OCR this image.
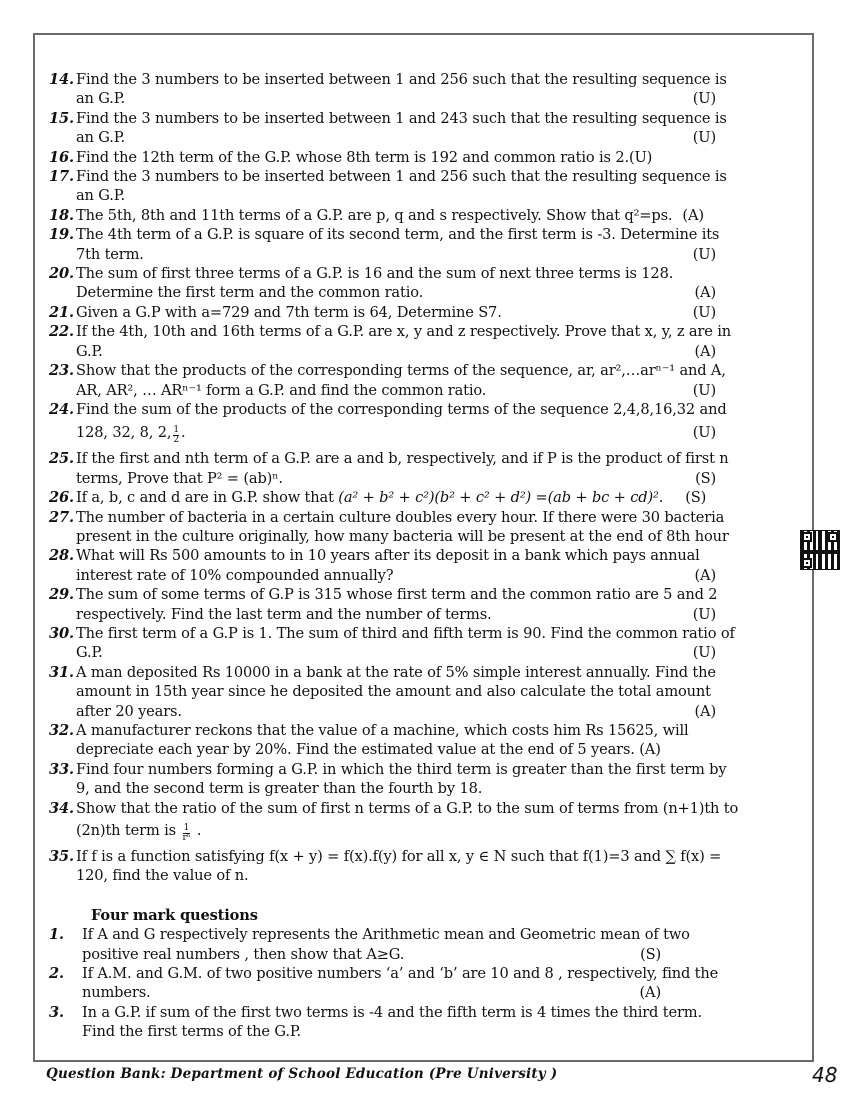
14. Find the 3 numbers to be inserted between 1 and 256 such that the resulting sequence is
an G.P.	(U)
15. Find the 3 numbers to be inserted between 1 and 243 such that the resulting sequence is
an G.P.	(U)
16. Find the 12th term of the G.P. whose 8th term is 192 and common ratio is 2.(U)
17. Find the 3 numbers to be inserted between 1 and 256 such that the resulting sequence is
an G.P.
18. The 5th, 8th and 11th terms of a G.P. are p, q and s respectively. Show that q²=ps. (A)
19. The 4th term of a G.P. is square of its second term, and the first term is -3. Determine its
7th term.	(U)
20. The sum of first three terms of a G.P. is 16 and the sum of next three terms is 128.
Determine the first term and the common ratio.	(A)
21. Given a G.P with a=729 and 7th term is 64, Determine S7.	(U)
22. If the 4th, 10th and 16th terms of a G.P. are x, y and z respectively. Prove that x, y, z are in
G.P.	(A)
23. Show that the products of the corresponding terms of the sequence, ar, ar²,…arⁿ⁻¹ and A,
AR, AR², … ARⁿ⁻¹ form a G.P. and find the common ratio.	(U)
24. Find the sum of the products of the corresponding terms of the sequence 2,4,8,16,32 and
128, 32, 8, 2, $\frac{1}{2}$ .	(U)
25. If the first and nth term of a G.P. are a and b, respectively, and if P is the product of first n
terms, Prove that P² = (ab)ⁿ.	(S)
26. If a, b, c and d are in G.P. show that (a² + b² + c²)(b² + c² + d²) =(ab + bc + cd)². (S)
27. The number of bacteria in a certain culture doubles every hour. If there were 30 bacteria
present in the culture originally, how many bacteria will be present at the end of 8th hour
28. What will Rs 500 amounts to in 10 years after its deposit in a bank which pays annual
interest rate of 10% compounded annually?	(A)
29. The sum of some terms of G.P is 315 whose first term and the common ratio are 5 and 2
respectively. Find the last term and the number of terms.	(U)
30. The first term of a G.P is 1. The sum of third and fifth term is 90. Find the common ratio of
G.P.	(U)
31. A man deposited Rs 10000 in a bank at the rate of 5% simple interest annually. Find the
amount in 15th year since he deposited the amount and also calculate the total amount
after 20 years.	(A)
32. A manufacturer reckons that the value of a machine, which costs him Rs 15625, will
depreciate each year by 20%. Find the estimated value at the end of 5 years. (A)
33. Find four numbers forming a G.P. in which the third term is greater than the first term by
9, and the second term is greater than the fourth by 18.
34. Show that the ratio of the sum of first n terms of a G.P. to the sum of terms from (n+1)th to
(2n)th term is $\frac{1}{\text{rⁿ}}$ .
35. If f is a function satisfying f(x + y) = f(x).f(y) for all x, y ∈ N such that f(1)=3 and ∑ f(x) =
120, find the value of n.
Four mark questions
1.	If A and G respectively represents the Arithmetic mean and Geometric mean of two
positive real numbers , then show that A≥G.	(S)
2.	If A.M. and G.M. of two positive numbers ‘a’ and ‘b’ are 10 and 8 , respectively, find the
numbers.	(A)
3.	In a G.P. if sum of the first two terms is -4 and the fifth term is 4 times the third term.
Find the first terms of the G.P.
Question Bank: Department of School Education (Pre University )	48
